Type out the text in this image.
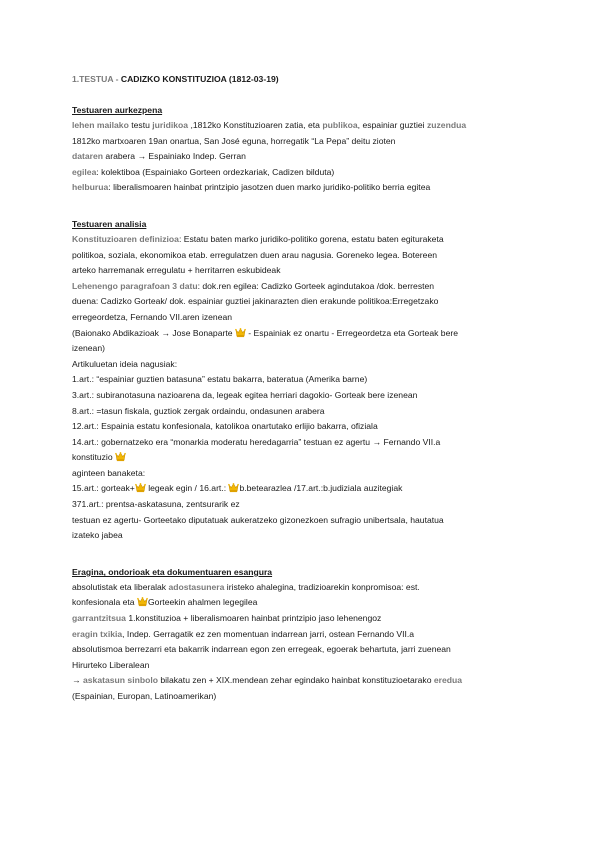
1.TESTUA - CADIZKO KONSTITUZIOA (1812-03-19)
Testuaren aurkezpena
lehen mailako testu juridikoa ,1812ko Konstituzioaren zatia, eta publikoa, espainiar guztiei zuzendua
1812ko martxoaren 19an onartua, San José eguna, horregatik “La Pepa” deitu zioten
dataren arabera → Espainiako Indep. Gerran
egilea: kolektiboa (Espainiako Gorteen ordezkariak, Cadizen bilduta)
helburua: liberalismoaren hainbat printzipio jasotzen duen marko juridiko-politiko berria egitea
Testuaren analisia
Konstituzioaren definizioa: Estatu baten marko juridiko-politiko gorena, estatu baten egituraketa
politikoa, soziala, ekonomikoa etab. erregulatzen duen arau nagusia. Goreneko legea. Botereen
arteko harremanak erregulatu + herritarren eskubideak
Lehenengo paragrafoan 3 datu: dok.ren egilea: Cadizko Gorteek agindutakoa /dok. berresten
duena: Cadizko Gorteak/ dok. espainiar guztiei jakinarazten dien erakunde politikoa:Erregetzako
erregeordetza, Fernando VII.aren izenean
(Baionako Abdikazioak → Jose Bonaparte  - Espainiak ez onartu - Erregeordetza eta Gorteak bere
izenean)
Artikuluetan ideia nagusiak:
1.art.: “espainiar guztien batasuna” estatu bakarra, bateratua (Amerika barne)
3.art.: subiranotasuna nazioarena da, legeak egitea herriari dagokio- Gorteak bere izenean
8.art.: =tasun fiskala, guztiok zergak ordaindu, ondasunen arabera
12.art.: Espainia estatu konfesionala, katolikoa onartutako erlijio bakarra, ofiziala
14.art.: gobernatzeko era “monarkia moderatu heredagarria” testuan ez agertu → Fernando VII.a
konstituzio
aginteen banaketa:
15.art.: gorteak+ legeak egin / 16.art.: b.betearazlea /17.art.:b.judiziala auzitegiak
371.art.: prentsa-askatasuna, zentsurarik ez
testuan ez agertu- Gorteetako diputatuak aukeratzeko gizonezkoen sufragio unibertsala, hautatua
izateko jabea
Eragina, ondorioak eta dokumentuaren esangura
absolutistak eta liberalak adostasunera iristeko ahalegina, tradizioarekin konpromisoa: est.
konfesionala eta Gorteekin ahalmen legegilea
garrantzitsua 1.konstituzioa + liberalismoaren hainbat printzipio jaso lehenengoz
eragin txikia, Indep. Gerragatik ez zen momentuan indarrean jarri, ostean Fernando VII.a
absolutismoa berrezarri eta bakarrik indarrean egon zen erregeak, egoerak behartuta, jarri zuenean
Hirurteko Liberalean
→ askatasun sinbolo bilakatu zen + XIX.mendean zehar egindako hainbat konstituzioetarako eredua
(Espainian, Europan, Latinoamerikan)
